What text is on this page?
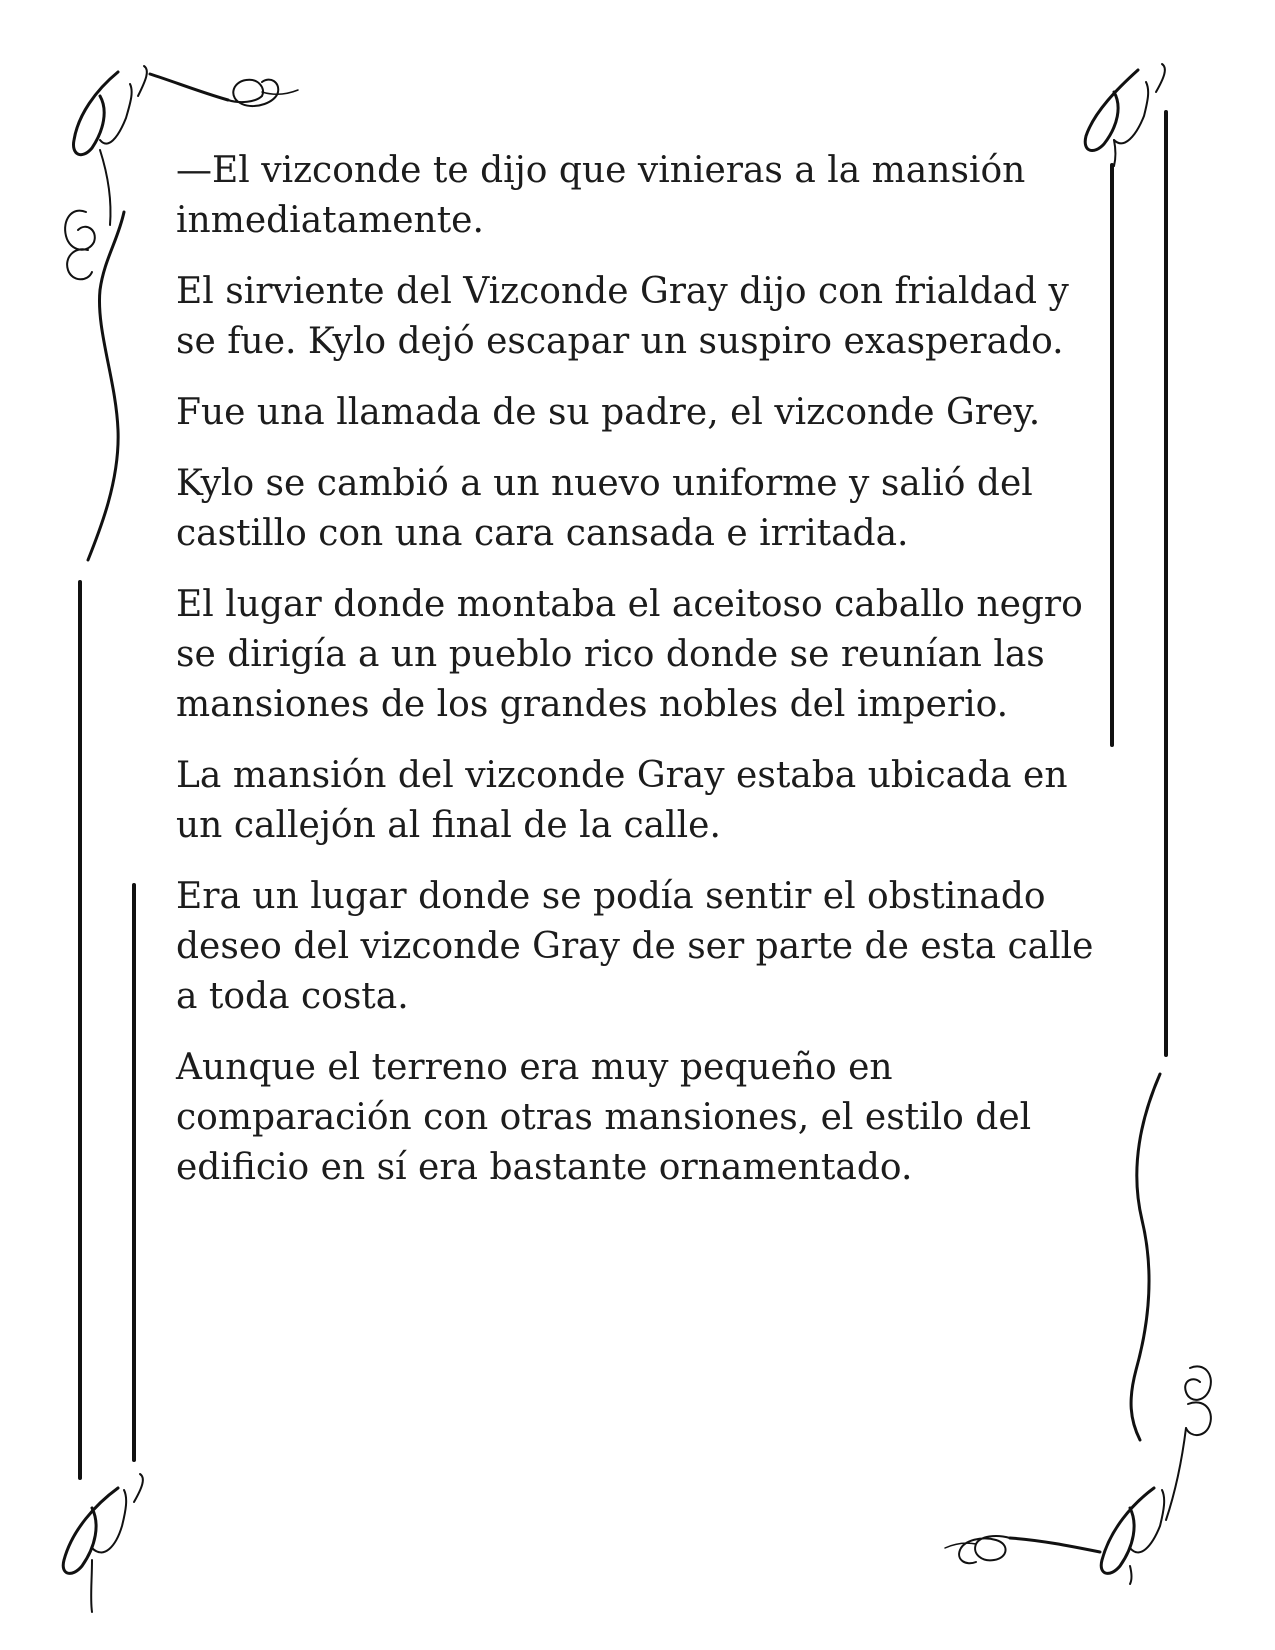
—El vizconde te dijo que vinieras a la mansión inmediatamente.

El sirviente del Vizconde Gray dijo con frialdad y se fue. Kylo dejó escapar un suspiro exasperado.

Fue una llamada de su padre, el vizconde Grey.

Kylo se cambió a un nuevo uniforme y salió del castillo con una cara cansada e irritada.

El lugar donde montaba el aceitoso caballo negro se dirigía a un pueblo rico donde se reunían las mansiones de los grandes nobles del imperio.

La mansión del vizconde Gray estaba ubicada en un callejón al final de la calle.

Era un lugar donde se podía sentir el obstinado deseo del vizconde Gray de ser parte de esta calle a toda costa.

Aunque el terreno era muy pequeño en comparación con otras mansiones, el estilo del edificio en sí era bastante ornamentado.
